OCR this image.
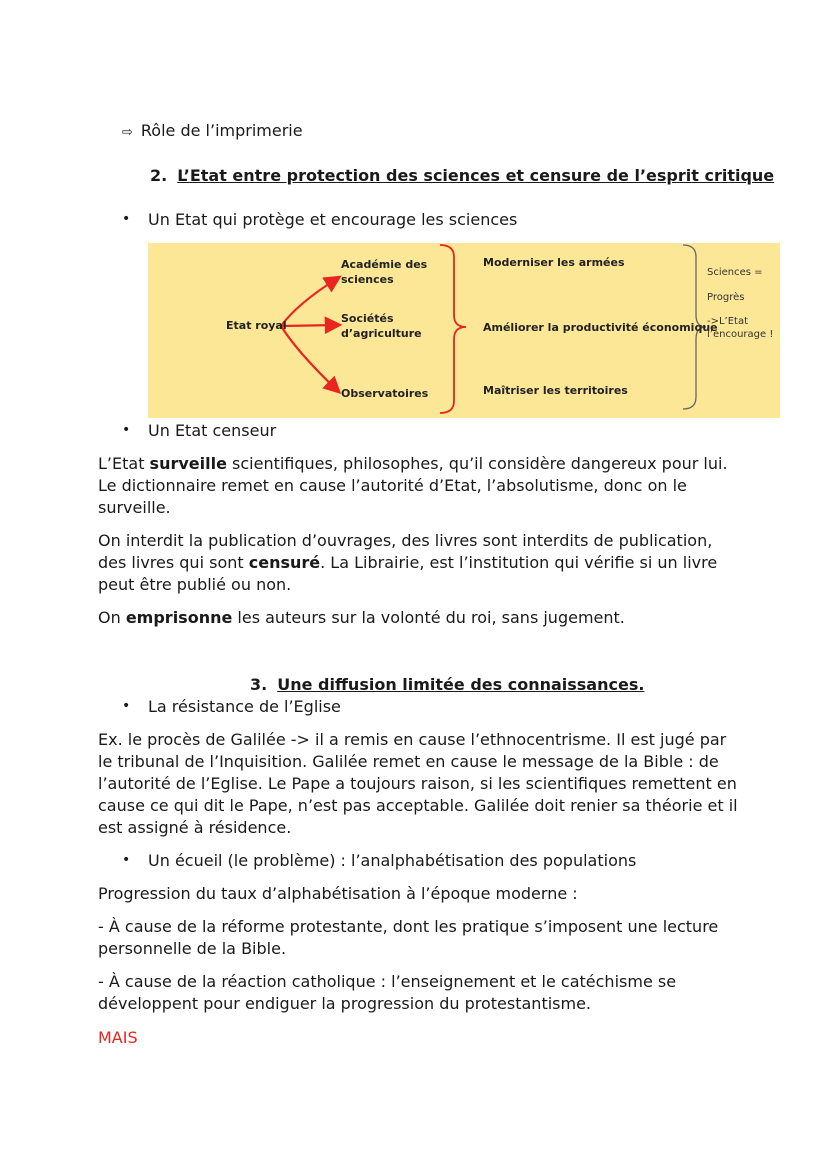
⇨ Rôle de l’imprimerie
2. L’Etat entre protection des sciences et censure de l’esprit critique
• Un Etat qui protège et encourage les sciences
Etat royal
Académie des
sciences
Sociétés
d’agriculture
Observatoires
Moderniser les armées
Améliorer la productivité économique
Maîtriser les territoires
Sciences =
Progrès
->L’Etat
l’encourage !
• Un Etat censeur
L’Etat surveille scientifiques, philosophes, qu’il considère dangereux pour lui. Le dictionnaire remet en cause l’autorité d’Etat, l’absolutisme, donc on le surveille.
On interdit la publication d’ouvrages, des livres sont interdits de publication, des livres qui sont censuré. La Librairie, est l’institution qui vérifie si un livre peut être publié ou non.
On emprisonne les auteurs sur la volonté du roi, sans jugement.
3. Une diffusion limitée des connaissances.
• La résistance de l’Eglise
Ex. le procès de Galilée -> il a remis en cause l’ethnocentrisme. Il est jugé par le tribunal de l’Inquisition. Galilée remet en cause le message de la Bible : de l’autorité de l’Eglise. Le Pape a toujours raison, si les scientifiques remettent en cause ce qui dit le Pape, n’est pas acceptable. Galilée doit renier sa théorie et il est assigné à résidence.
• Un écueil (le problème) : l’analphabétisation des populations
Progression du taux d’alphabétisation à l’époque moderne :
- À cause de la réforme protestante, dont les pratique s’imposent une lecture personnelle de la Bible.
- À cause de la réaction catholique : l’enseignement et le catéchisme se développent pour endiguer la progression du protestantisme.
MAIS
